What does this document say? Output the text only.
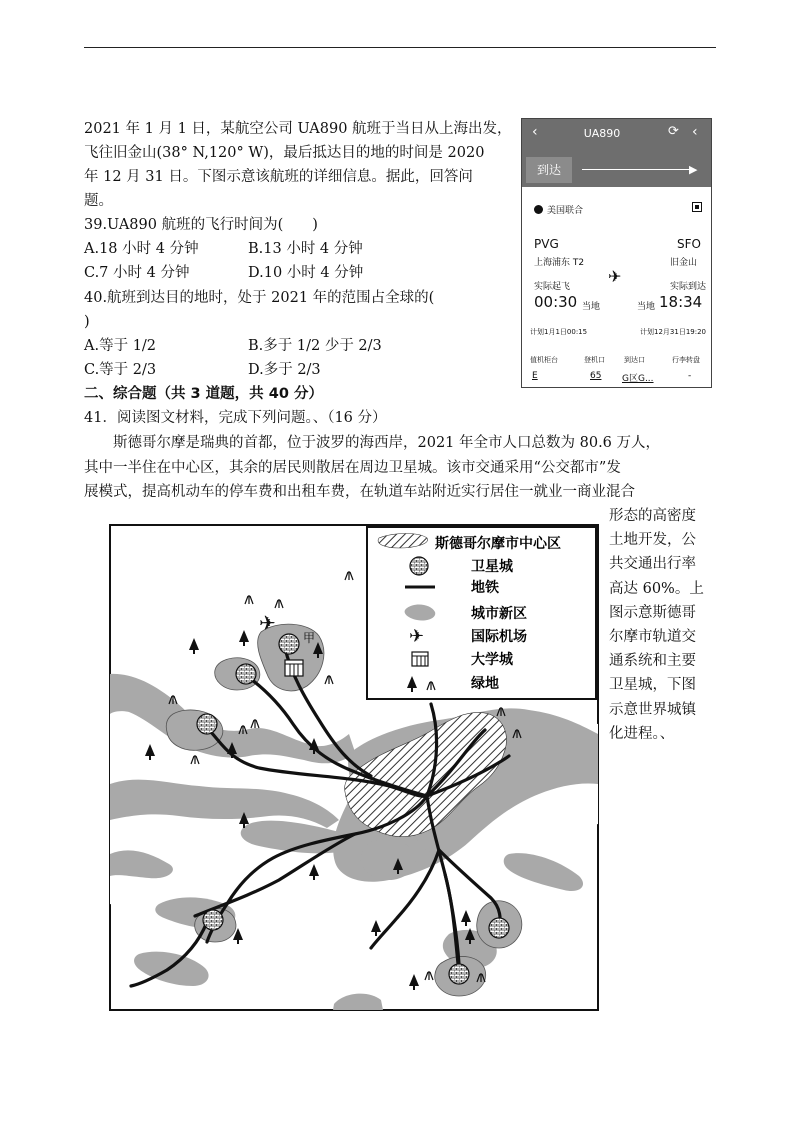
2021 年 1 月 1 日，某航空公司 UA890 航班于当日从上海出发，
飞往旧金山(38° N,120° W)，最后抵达目的地的时间是 2020
年 12 月 31 日。下图示意该航班的详细信息。据此，回答问
题。
39.UA890 航班的飞行时间为(　　)
A.18 小时 4 分钟	B.13 小时 4 分钟
C.7 小时 4 分钟	D.10 小时 4 分钟
40.航班到达目的地时，处于 2021 年的范围占全球的(
)
A.等于 1/2	B.多于 1/2 少于 2/3
C.等于 2/3	D.多于 2/3
二、综合题（共 3 道题，共 40 分）
41．阅读图文材料，完成下列问题。、（16 分）
斯德哥尔摩是瑞典的首都，位于波罗的海西岸，2021 年全市人口总数为 80.6 万人，
其中一半住在中心区，其余的居民则散居在周边卫星城。该市交通采用“公交都市”发
展模式，提高机动车的停车费和出租车费，在轨道车站附近实行居住一就业一商业混合
形态的高密度
土地开发，公
共交通出行率
高达 60%。上
图示意斯德哥
尔摩市轨道交
通系统和主要
卫星城，下图
示意世界城镇
化进程。、
‹	UA890	⟳ ‹
到达	▶
美国联合
PVG	SFO
上海浦东 T2	旧金山
✈
实际起飞	实际到达
00:30 当地	当地 18:34
计划1月1日00:15	计划12月31日19:20
值机柜台	登机口	到达口	行李转盘
E	65 G区G...	-
✈
甲
斯德哥尔摩市中心区
卫星城
地铁
城市新区
✈	国际机场
大学城
绿地
